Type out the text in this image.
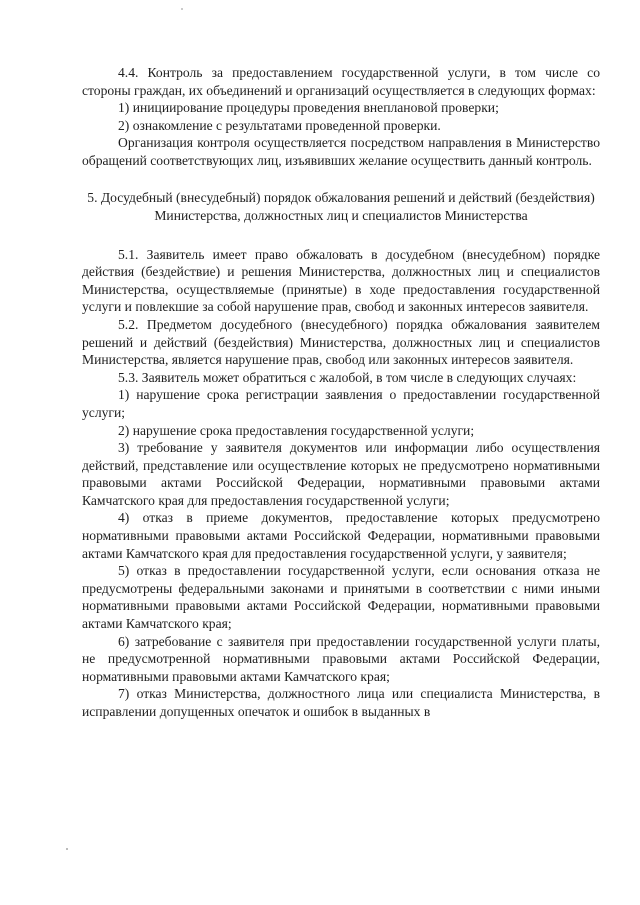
4.4. Контроль за предоставлением государственной услуги, в том числе со стороны граждан, их объединений и организаций осуществляется в следующих формах:

1) инициирование процедуры проведения внеплановой проверки;

2) ознакомление с результатами проведенной проверки.

Организация контроля осуществляется посредством направления в Министерство обращений соответствующих лиц, изъявивших желание осуществить данный контроль.

5. Досудебный (внесудебный) порядок обжалования решений и действий (бездействия) Министерства, должностных лиц и специалистов Министерства

5.1. Заявитель имеет право обжаловать в досудебном (внесудебном) порядке действия (бездействие) и решения Министерства, должностных лиц и специалистов Министерства, осуществляемые (принятые) в ходе предоставления государственной услуги и повлекшие за собой нарушение прав, свобод и законных интересов заявителя.

5.2. Предметом досудебного (внесудебного) порядка обжалования заявителем решений и действий (бездействия) Министерства, должностных лиц и специалистов Министерства, является нарушение прав, свобод или законных интересов заявителя.

5.3. Заявитель может обратиться с жалобой, в том числе в следующих случаях:

1) нарушение срока регистрации заявления о предоставлении государственной услуги;

2) нарушение срока предоставления государственной услуги;

3) требование у заявителя документов или информации либо осуществления действий, представление или осуществление которых не предусмотрено нормативными правовыми актами Российской Федерации, нормативными правовыми актами Камчатского края для предоставления государственной услуги;

4) отказ в приеме документов, предоставление которых предусмотрено нормативными правовыми актами Российской Федерации, нормативными правовыми актами Камчатского края для предоставления государственной услуги, у заявителя;

5) отказ в предоставлении государственной услуги, если основания отказа не предусмотрены федеральными законами и принятыми в соответствии с ними иными нормативными правовыми актами Российской Федерации, нормативными правовыми актами Камчатского края;

6) затребование с заявителя при предоставлении государственной услуги платы, не предусмотренной нормативными правовыми актами Российской Федерации, нормативными правовыми актами Камчатского края;

7) отказ Министерства, должностного лица или специалиста Министерства, в исправлении допущенных опечаток и ошибок в выданных в
